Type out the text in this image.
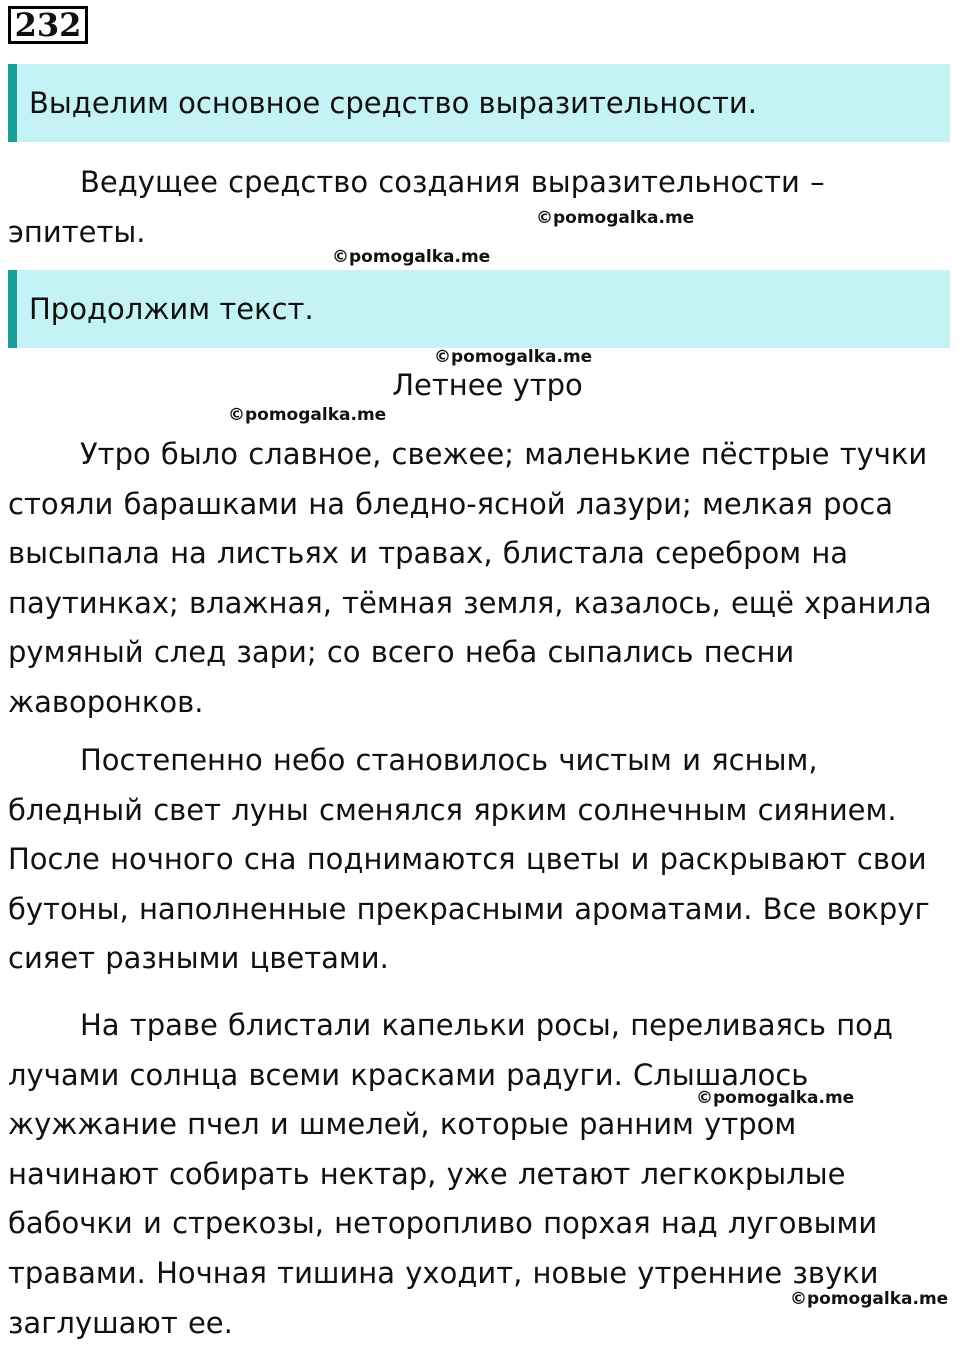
232
Выделим основное средство выразительности.

Ведущее средство создания выразительности – эпитеты.

Продолжим текст.
Летнее утро

Утро было славное, свежее; маленькие пёстрые тучки стояли барашками на бледно-ясной лазури; мелкая роса высыпала на листьях и травах, блистала серебром на паутинках; влажная, тёмная земля, казалось, ещё хранила румяный след зари; со всего неба сыпались песни жаворонков.

Постепенно небо становилось чистым и ясным, бледный свет луны сменялся ярким солнечным сиянием. После ночного сна поднимаются цветы и раскрывают свои бутоны, наполненные прекрасными ароматами. Все вокруг сияет разными цветами.

На траве блистали капельки росы, переливаясь под лучами солнца всеми красками радуги. Слышалось жужжание пчел и шмелей, которые ранним утром начинают собирать нектар, уже летают легкокрылые бабочки и стрекозы, неторопливо порхая над луговыми травами. Ночная тишина уходит, новые утренние звуки заглушают ее.

©pomogalka.me
©pomogalka.me
©pomogalka.me
©pomogalka.me
©pomogalka.me
©pomogalka.me
